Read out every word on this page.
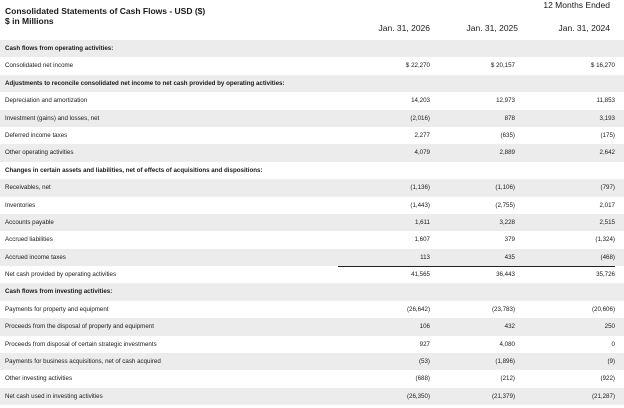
Consolidated Statements of Cash Flows - USD ($)
$ in Millions
12 Months Ended
Jan. 31, 2026	Jan. 31, 2025	Jan. 31, 2024
Cash flows from operating activities:
Consolidated net income	$ 22,270	$ 20,157	$ 16,270
Adjustments to reconcile consolidated net income to net cash provided by operating activities:
Depreciation and amortization	14,203	12,973	11,853
Investment (gains) and losses, net	(2,016)	878	3,193
Deferred income taxes	2,277	(635)	(175)
Other operating activities	4,079	2,889	2,642
Changes in certain assets and liabilities, net of effects of acquisitions and dispositions:
Receivables, net	(1,136)	(1,106)	(797)
Inventories	(1,443)	(2,755)	2,017
Accounts payable	1,611	3,228	2,515
Accrued liabilities	1,607	379	(1,324)
Accrued income taxes	113	435	(468)
Net cash provided by operating activities	41,565	36,443	35,726
Cash flows from investing activities:
Payments for property and equipment	(26,642)	(23,783)	(20,606)
Proceeds from the disposal of property and equipment	106	432	250
Proceeds from disposal of certain strategic investments	927	4,080	0
Payments for business acquisitions, net of cash acquired	(53)	(1,896)	(9)
Other investing activities	(688)	(212)	(922)
Net cash used in investing activities	(26,350)	(21,379)	(21,287)
